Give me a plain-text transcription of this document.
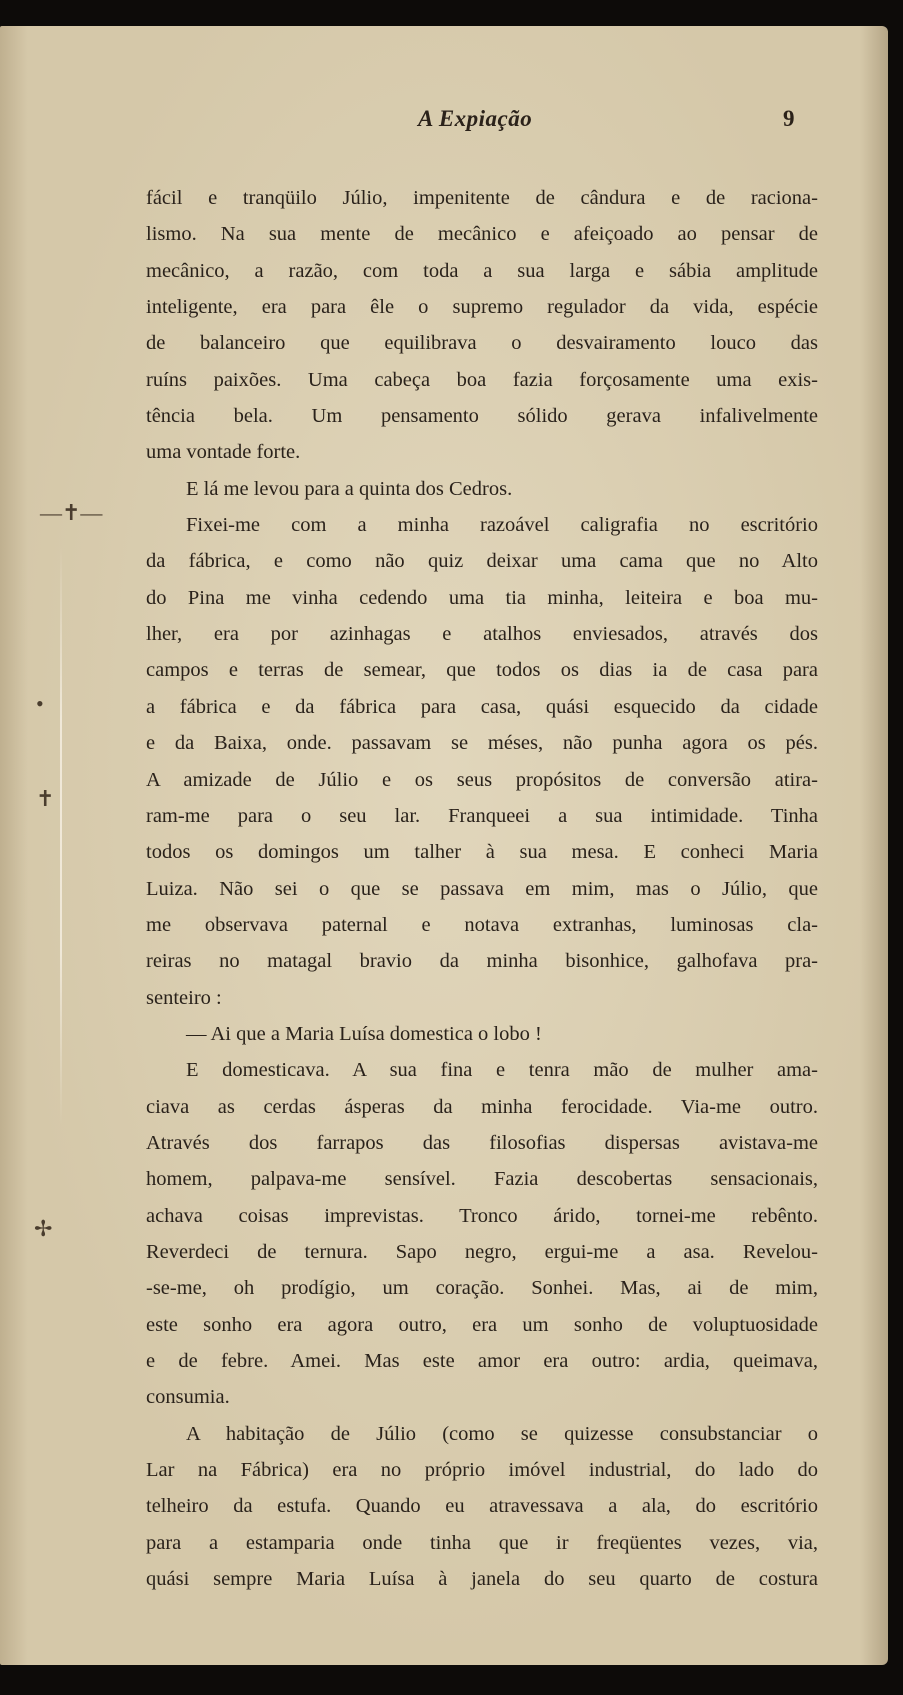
—✝—
•
✝
✢
A Expiação	9
fácil e tranqüilo Júlio, impenitente de cândura e de raciona-
lismo. Na sua mente de mecânico e afeiçoado ao pensar de
mecânico, a razão, com toda a sua larga e sábia amplitude
inteligente, era para êle o supremo regulador da vida, espécie
de balanceiro que equilibrava o desvairamento louco das
ruíns paixões. Uma cabeça boa fazia forçosamente uma exis-
tência bela. Um pensamento sólido gerava infalivelmente
uma vontade forte.
E lá me levou para a quinta dos Cedros.
Fixei-me com a minha razoável caligrafia no escritório
da fábrica, e como não quiz deixar uma cama que no Alto
do Pina me vinha cedendo uma tia minha, leiteira e boa mu-
lher, era por azinhagas e atalhos enviesados, através dos
campos e terras de semear, que todos os dias ia de casa para
a fábrica e da fábrica para casa, quási esquecido da cidade
e da Baixa, onde. passavam se méses, não punha agora os pés.
A amizade de Júlio e os seus propósitos de conversão atira-
ram-me para o seu lar. Franqueei a sua intimidade. Tinha
todos os domingos um talher à sua mesa. E conheci Maria
Luiza. Não sei o que se passava em mim, mas o Júlio, que
me observava paternal e notava extranhas, luminosas cla-
reiras no matagal bravio da minha bisonhice, galhofava pra-
senteiro :
— Ai que a Maria Luísa domestica o lobo !
E domesticava. A sua fina e tenra mão de mulher ama-
ciava as cerdas ásperas da minha ferocidade. Via-me outro.
Através dos farrapos das filosofias dispersas avistava-me
homem, palpava-me sensível. Fazia descobertas sensacionais,
achava coisas imprevistas. Tronco árido, tornei-me rebênto.
Reverdeci de ternura. Sapo negro, ergui-me a asa. Revelou-
-se-me, oh prodígio, um coração. Sonhei. Mas, ai de mim,
este sonho era agora outro, era um sonho de voluptuosidade
e de febre. Amei. Mas este amor era outro: ardia, queimava,
consumia.
A habitação de Júlio (como se quizesse consubstanciar o
Lar na Fábrica) era no próprio imóvel industrial, do lado do
telheiro da estufa. Quando eu atravessava a ala, do escritório
para a estamparia onde tinha que ir freqüentes vezes, via,
quási sempre Maria Luísa à janela do seu quarto de costura
